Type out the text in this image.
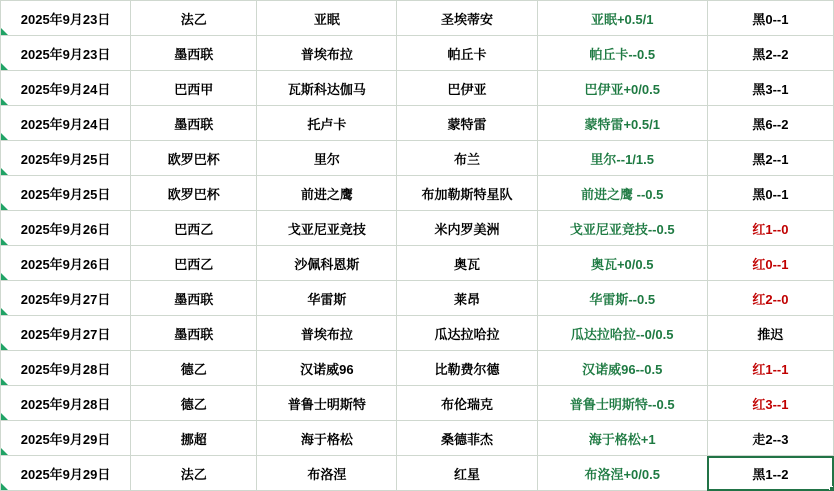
2025年9月23日	法乙	亚眠	圣埃蒂安	亚眠+0.5/1	黑0--1
2025年9月23日	墨西联	普埃布拉	帕丘卡	帕丘卡--0.5	黑2--2
2025年9月24日	巴西甲	瓦斯科达伽马	巴伊亚	巴伊亚+0/0.5	黑3--1
2025年9月24日	墨西联	托卢卡	蒙特雷	蒙特雷+0.5/1	黑6--2
2025年9月25日	欧罗巴杯	里尔	布兰	里尔--1/1.5	黑2--1
2025年9月25日	欧罗巴杯	前进之鹰	布加勒斯特星队	前进之鹰 --0.5	黑0--1
2025年9月26日	巴西乙	戈亚尼亚竞技	米内罗美洲	戈亚尼亚竞技--0.5	红1--0
2025年9月26日	巴西乙	沙佩科恩斯	奥瓦	奥瓦+0/0.5	红0--1
2025年9月27日	墨西联	华雷斯	莱昂	华雷斯--0.5	红2--0
2025年9月27日	墨西联	普埃布拉	瓜达拉哈拉	瓜达拉哈拉--0/0.5	推迟
2025年9月28日	德乙	汉诺威96	比勒费尔德	汉诺威96--0.5	红1--1
2025年9月28日	德乙	普鲁士明斯特	布伦瑞克	普鲁士明斯特--0.5	红3--1
2025年9月29日	挪超	海于格松	桑德菲杰	海于格松+1	走2--3
2025年9月29日	法乙	布洛涅	红星	布洛涅+0/0.5	黑1--2
